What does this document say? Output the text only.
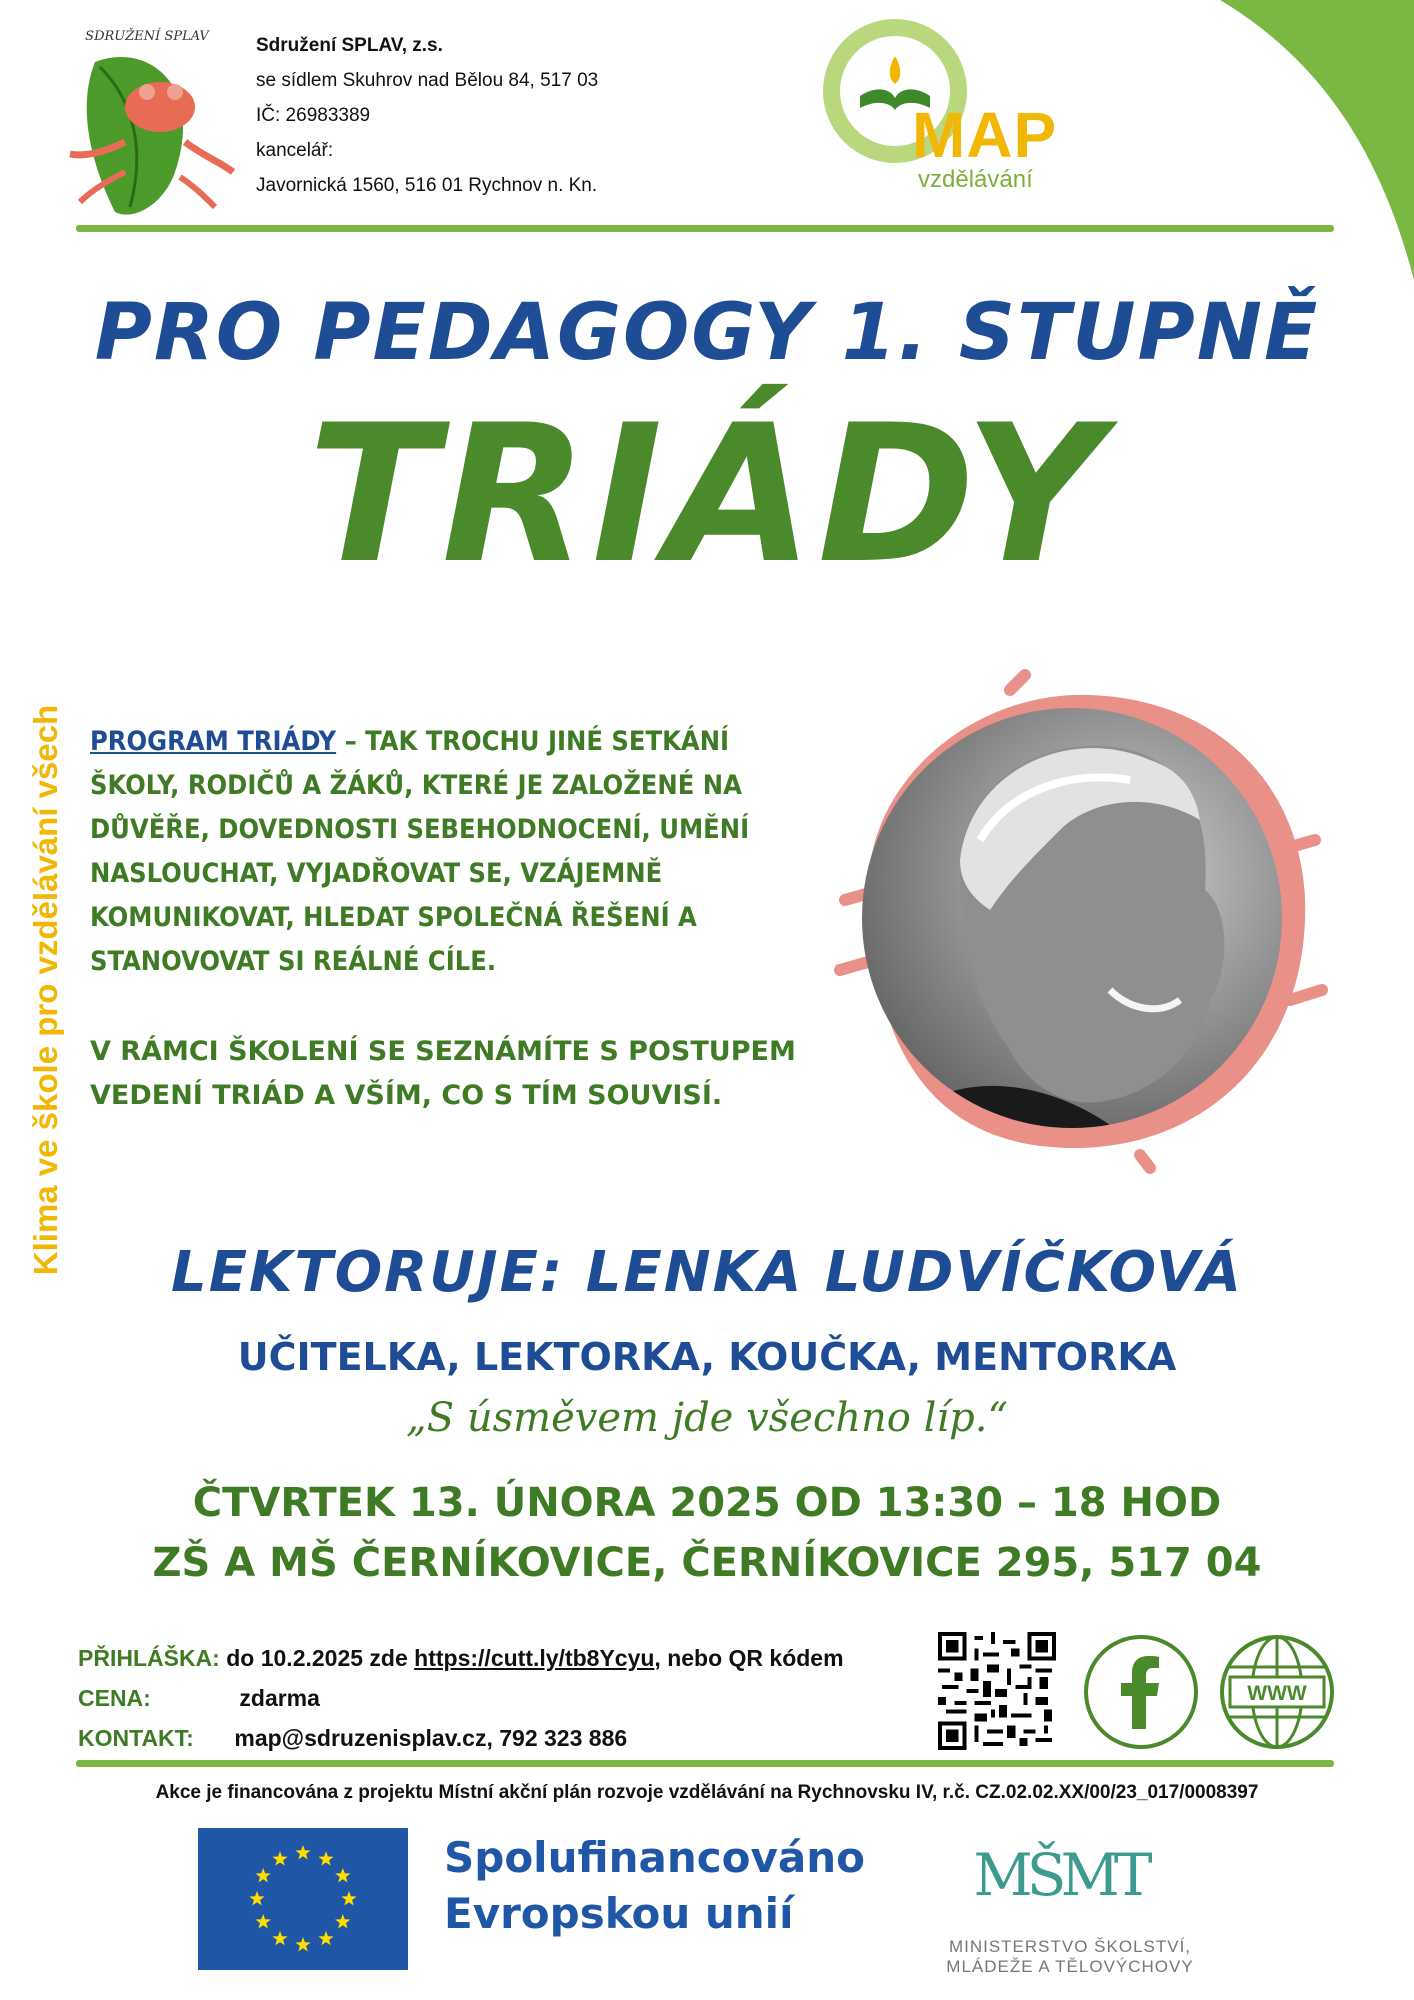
SDRUŽENÍ SPLAV Sdružení SPLAV, z.s.
se sídlem Skuhrov nad Bělou 84, 517 03
IČ: 26983389
kancelář:
Javornická 1560, 516 01 Rychnov n. Kn.
MAP
vzdělávání
Klima ve škole pro vzdělávání všech
PRO PEDAGOGY 1. STUPNĚ
TRIÁDY
PROGRAM TRIÁDY – TAK TROCHU JINÉ SETKÁNÍ ŠKOLY, RODIČŮ A ŽÁKŮ, KTERÉ JE ZALOŽENÉ NA DŮVĚŘE, DOVEDNOSTI SEBEHODNOCENÍ, UMĚNÍ NASLOUCHAT, VYJADŘOVAT SE, VZÁJEMNĚ KOMUNIKOVAT, HLEDAT SPOLEČNÁ ŘEŠENÍ A STANOVOVAT SI REÁLNÉ CÍLE.
V RÁMCI ŠKOLENÍ SE SEZNÁMÍTE S POSTUPEM VEDENÍ TRIÁD A VŠÍM, CO S TÍM SOUVISÍ.
LEKTORUJE: LENKA LUDVÍČKOVÁ
UČITELKA, LEKTORKA, KOUČKA, MENTORKA
„S úsměvem jde všechno líp.“
ČTVRTEK 13. ÚNORA 2025 OD 13:30 – 18 HOD
ZŠ A MŠ ČERNÍKOVICE, ČERNÍKOVICE 295, 517 04
PŘIHLÁŠKA: do 10.2.2025 zde https://cutt.ly/tb8Ycyu, nebo QR kódem
CENA:	zdarma
KONTAKT: map@sdruzenisplav.cz, 792 323 886
WWW
Akce je financována z projektu Místní akční plán rozvoje vzdělávání na Rychnovsku IV, r.č. CZ.02.02.XX/00/23_017/0008397
Spolufinancováno
Evropskou unií
MŠMT
MINISTERSTVO ŠKOLSTVÍ,
MLÁDEŽE A TĚLOVÝCHOVY
